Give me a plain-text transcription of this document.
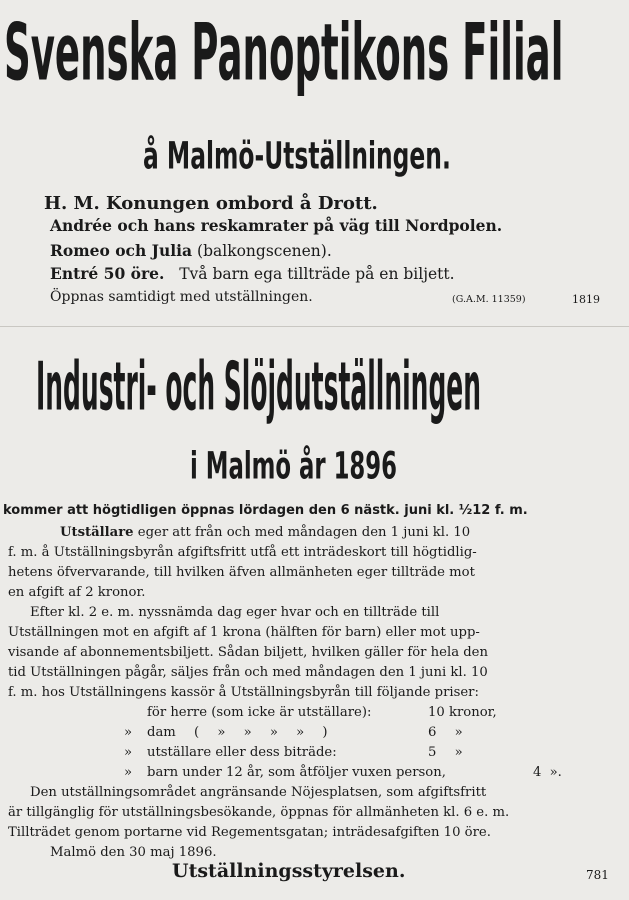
Svenska Panoptikons Filial
å Malmö-Utställningen.
H. M. Konungen ombord å Drott.
Andrée och hans reskamrater på väg till Nordpolen.
Romeo och Julia (balkongscenen).
Entré 50 öre. Två barn ega tillträde på en biljett.
Öppnas samtidigt med utställningen.	(G.A.M. 11359)	1819
Industri- och Slöjdutställningen
i Malmö år 1896
kommer att högtidligen öppnas lördagen den 6 nästk. juni kl. ½12 f. m.
Utställare eger att från och med måndagen den 1 juni kl. 10
f. m. å Utställningsbyrån afgiftsfritt utfå ett inträdeskort till högtidlig-
hetens öfvervarande, till hvilken äfven allmänheten eger tillträde mot
en afgift af 2 kronor.
Efter kl. 2 e. m. nyssnämda dag eger hvar och en tillträde till
Utställningen mot en afgift af 1 krona (hälften för barn) eller mot upp-
visande af abonnementsbiljett. Sådan biljett, hvilken gäller för hela den
tid Utställningen pågår, säljes från och med måndagen den 1 juni kl. 10
f. m. hos Utställningens kassör å Utställningsbyrån till följande priser:
för herre (som icke är utställare):	10 kronor,
» dam ( » » » » )	6 »
» utställare eller dess biträde:	5 »
» barn under 12 år, som åtföljer vuxen person,	4 ».
Den utställningsområdet angränsande Nöjesplatsen, som afgiftsfritt
är tillgänglig för utställningsbesökande, öppnas för allmänheten kl. 6 e. m.
Tillträdet genom portarne vid Regementsgatan; inträdesafgiften 10 öre.
Malmö den 30 maj 1896.
Utställningsstyrelsen.	781
